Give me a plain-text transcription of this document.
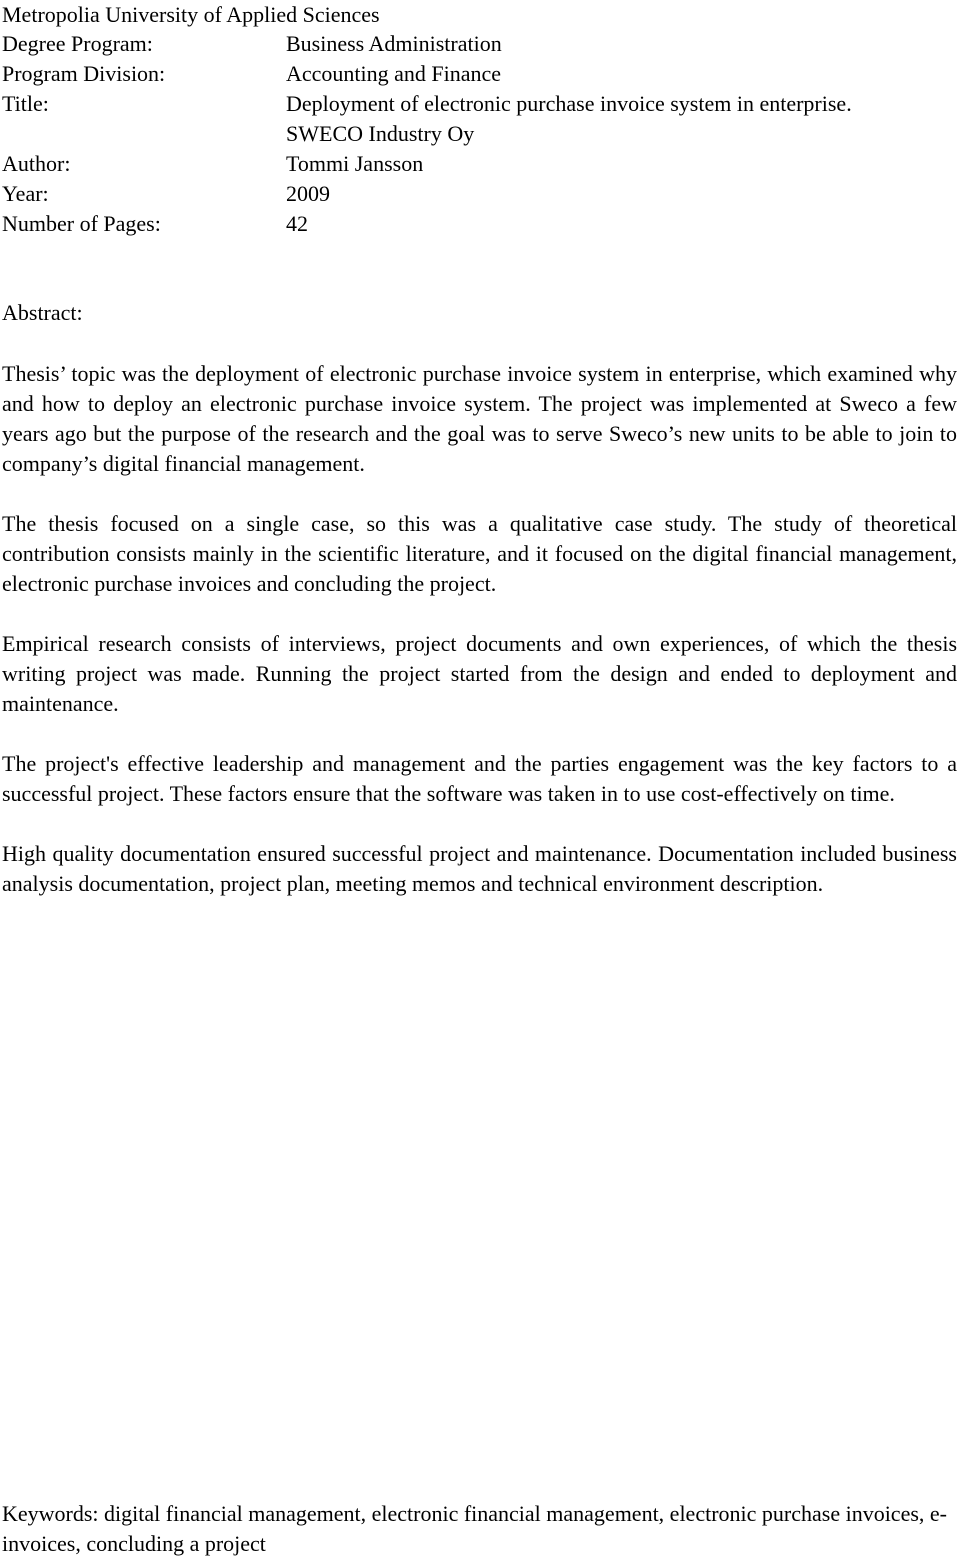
Metropolia University of Applied Sciences
Degree Program:	Business Administration
Program Division:	Accounting and Finance
Title:	Deployment of electronic purchase invoice system in enterprise.
SWECO Industry Oy
Author:	Tommi Jansson
Year:	2009
Number of Pages:	42
Abstract:

Thesis’ topic was the deployment of electronic purchase invoice system in enterprise, which examined why and how to deploy an electronic purchase invoice system. The project was implemented at Sweco a few years ago but the purpose of the research and the goal was to serve Sweco’s new units to be able to join to company’s digital financial management.

The thesis focused on a single case, so this was a qualitative case study. The study of theoretical contribution consists mainly in the scientific literature, and it focused on the digital financial management, electronic purchase invoices and concluding the project.

Empirical research consists of interviews, project documents and own experiences, of which the thesis writing project was made. Running the project started from the design and ended to deployment and maintenance.

The project's effective leadership and management and the parties engagement was the key factors to a successful project. These factors ensure that the software was taken in to use cost-effectively on time.

High quality documentation ensured successful project and maintenance. Documentation included business analysis documentation, project plan, meeting memos and technical environment description.

Keywords: digital financial management, electronic financial management, electronic purchase invoices, e-invoices, concluding a project
